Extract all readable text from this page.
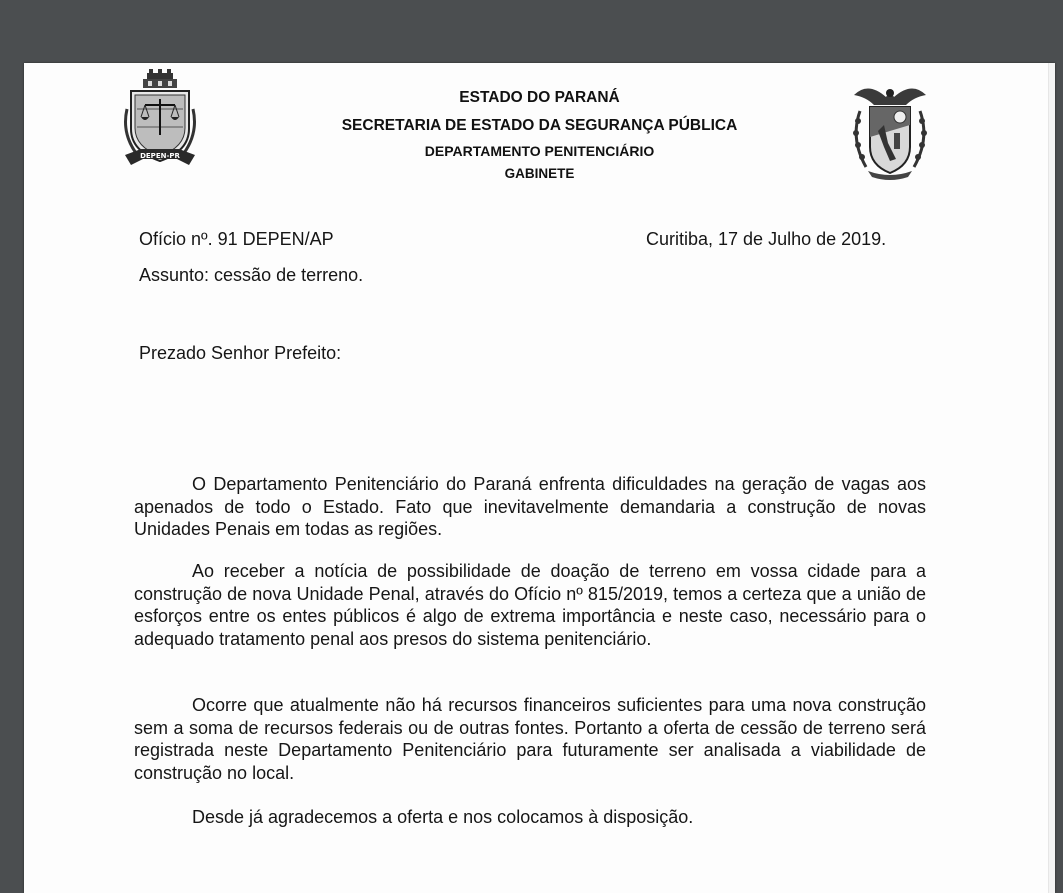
DEPEN-PR
ESTADO DO PARANÁ
SECRETARIA DE ESTADO DA SEGURANÇA PÚBLICA
DEPARTAMENTO PENITENCIÁRIO
GABINETE
Ofício nº. 91 DEPEN/AP	Curitiba, 17 de Julho de 2019.
Assunto: cessão de terreno.
Prezado Senhor Prefeito:

O Departamento Penitenciário do Paraná enfrenta dificuldades na geração de vagas aos apenados de todo o Estado. Fato que inevitavelmente demandaria a construção de novas Unidades Penais em todas as regiões.

Ao receber a notícia de possibilidade de doação de terreno em vossa cidade para a construção de nova Unidade Penal, através do Ofício nº 815/2019, temos a certeza que a união de esforços entre os entes públicos é algo de extrema importância e neste caso, necessário para o adequado tratamento penal aos presos do sistema penitenciário.

Ocorre que atualmente não há recursos financeiros suficientes para uma nova construção sem a soma de recursos federais ou de outras fontes. Portanto a oferta de cessão de terreno será registrada neste Departamento Penitenciário para futuramente ser analisada a viabilidade de construção no local.

Desde já agradecemos a oferta e nos colocamos à disposição.
